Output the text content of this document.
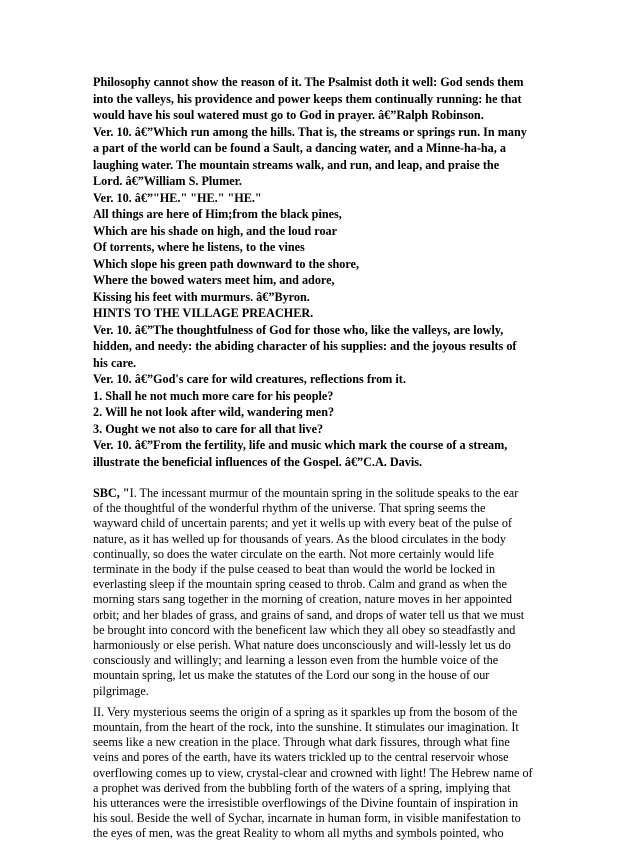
Philosophy cannot show the reason of it. The Psalmist doth it well: God sends them
into the valleys, his providence and power keeps them continually running: he that
would have his soul watered must go to God in prayer. â€”Ralph Robinson.
Ver. 10. â€”Which run among the hills. That is, the streams or springs run. In many
a part of the world can be found a Sault, a dancing water, and a Minne-ha-ha, a
laughing water. The mountain streams walk, and run, and leap, and praise the
Lord. â€”William S. Plumer.
Ver. 10. â€”"HE." "HE." "HE."
All things are here of Him;from the black pines,
Which are his shade on high, and the loud roar
Of torrents, where he listens, to the vines
Which slope his green path downward to the shore,
Where the bowed waters meet him, and adore,
Kissing his feet with murmurs. â€”Byron.
HINTS TO THE VILLAGE PREACHER.
Ver. 10. â€”The thoughtfulness of God for those who, like the valleys, are lowly,
hidden, and needy: the abiding character of his supplies: and the joyous results of
his care.
Ver. 10. â€”God's care for wild creatures, reflections from it.
1. Shall he not much more care for his people?
2. Will he not look after wild, wandering men?
3. Ought we not also to care for all that live?
Ver. 10. â€”From the fertility, life and music which mark the course of a stream,
illustrate the beneficial influences of the Gospel. â€”C.A. Davis.

SBC, "I. The incessant murmur of the mountain spring in the solitude speaks to the ear
of the thoughtful of the wonderful rhythm of the universe. That spring seems the
wayward child of uncertain parents; and yet it wells up with every beat of the pulse of
nature, as it has welled up for thousands of years. As the blood circulates in the body
continually, so does the water circulate on the earth. Not more certainly would life
terminate in the body if the pulse ceased to beat than would the world be locked in
everlasting sleep if the mountain spring ceased to throb. Calm and grand as when the
morning stars sang together in the morning of creation, nature moves in her appointed
orbit; and her blades of grass, and grains of sand, and drops of water tell us that we must
be brought into concord with the beneficent law which they all obey so steadfastly and
harmoniously or else perish. What nature does unconsciously and will-lessly let us do
consciously and willingly; and learning a lesson even from the humble voice of the
mountain spring, let us make the statutes of the Lord our song in the house of our
pilgrimage.

II. Very mysterious seems the origin of a spring as it sparkles up from the bosom of the
mountain, from the heart of the rock, into the sunshine. It stimulates our imagination. It
seems like a new creation in the place. Through what dark fissures, through what fine
veins and pores of the earth, have its waters trickled up to the central reservoir whose
overflowing comes up to view, crystal-clear and crowned with light! The Hebrew name of
a prophet was derived from the bubbling forth of the waters of a spring, implying that
his utterances were the irresistible overflowings of the Divine fountain of inspiration in
his soul. Beside the well of Sychar, incarnate in human form, in visible manifestation to
the eyes of men, was the great Reality to whom all myths and symbols pointed, who
